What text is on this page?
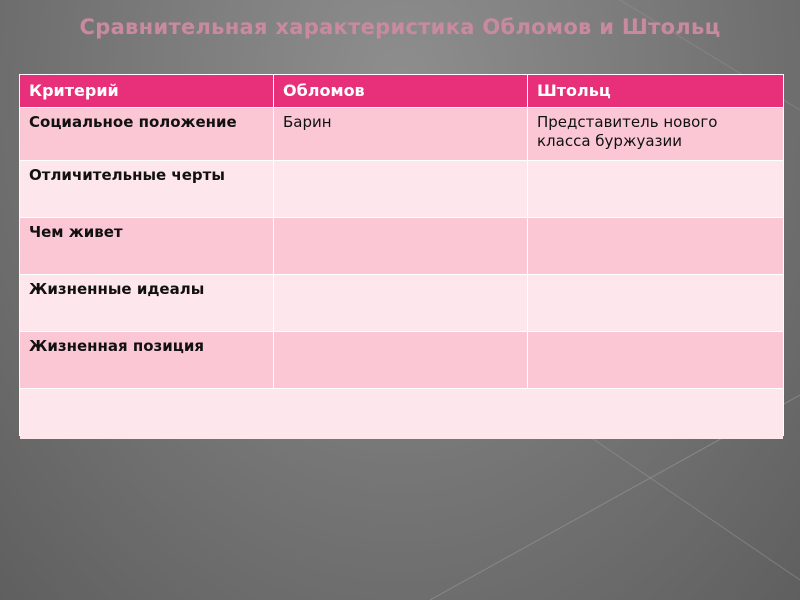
Сравнительная характеристика Обломов и Штольц
Критерий	Обломов	Штольц
Социальное положение	Барин	Представитель нового класса буржуазии
Отличительные черты
Чем живет
Жизненные идеалы
Жизненная позиция
